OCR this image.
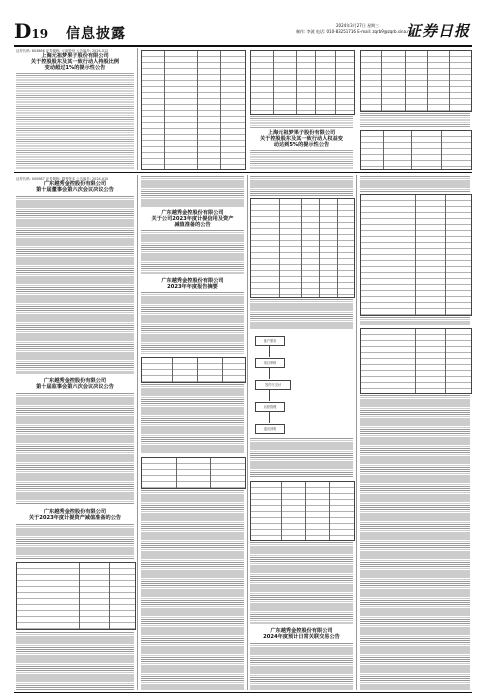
D19 信息披露
2024年3月27日 星期三
制作: 李波 电话: 010-83251716 E-mail: zqrb9@zqrb.sina.net
证券日报
证券代码: 603886 证券简称: 元祖股份 公告编号: 2024-012
上海元祖梦果子股份有限公司
关于控股股东及其一致行动人持股比例
变动超过1%的提示性公告
上海元祖梦果子股份有限公司
关于控股股东及其一致行动人权益变
动达到5%的提示性公告
证券代码: 000987 证券简称: 越秀资本 公告编号: 2024-010
广东越秀金控股份有限公司
第十届董事会第六次会议决议公告
广东越秀金控股份有限公司
第十届监事会第六次会议决议公告
广东越秀金控股份有限公司
关于2023年度计提资产减值准备的公告
广东越秀金控股份有限公司
关于公司2023年度计提信用及资产
减值准备的公告
广东越秀金控股份有限公司
2023年年度报告摘要
客户需求
项目审核
签约与交付
运营管理
退出回收
广东越秀金控股份有限公司
2024年度预计日常关联交易公告
